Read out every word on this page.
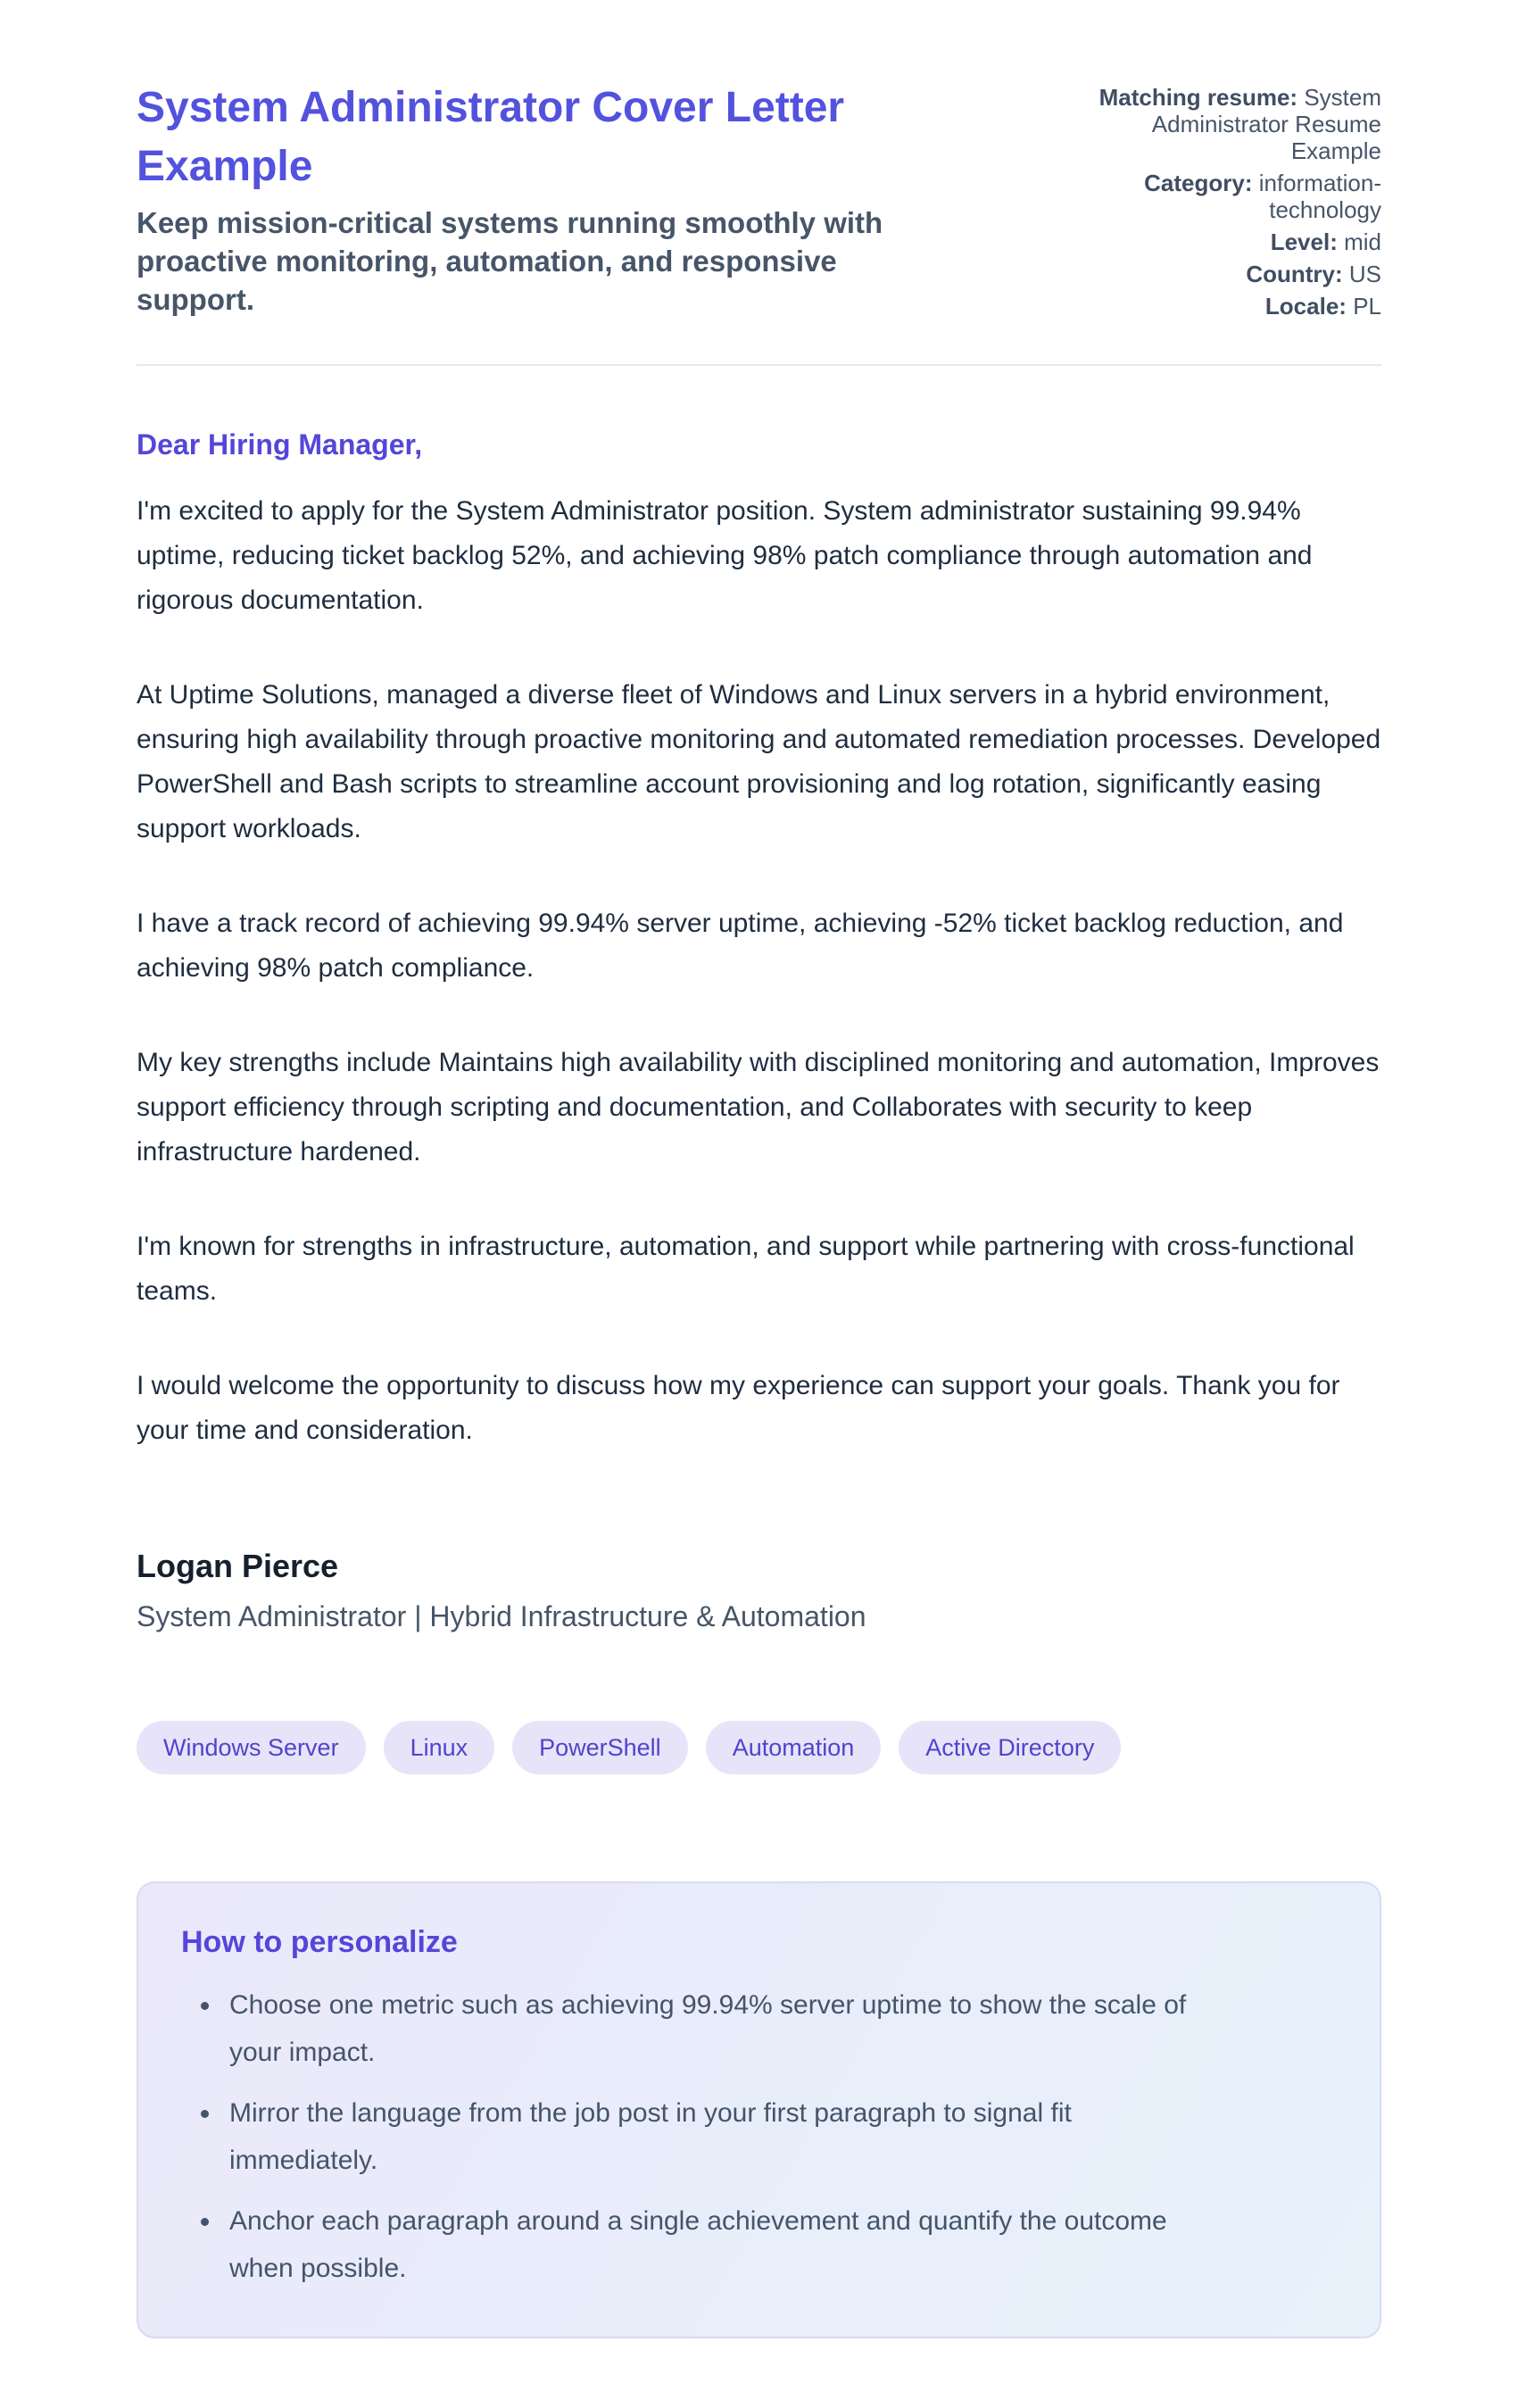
System Administrator Cover Letter Example

Keep mission-critical systems running smoothly with proactive monitoring, automation, and responsive support.

Matching resume: System Administrator Resume Example
Category: information-technology
Level: mid
Country: US
Locale: PL

Dear Hiring Manager,

I'm excited to apply for the System Administrator position. System administrator sustaining 99.94% uptime, reducing ticket backlog 52%, and achieving 98% patch compliance through automation and rigorous documentation.

At Uptime Solutions, managed a diverse fleet of Windows and Linux servers in a hybrid environment, ensuring high availability through proactive monitoring and automated remediation processes. Developed PowerShell and Bash scripts to streamline account provisioning and log rotation, significantly easing support workloads.

I have a track record of achieving 99.94% server uptime, achieving -52% ticket backlog reduction, and achieving 98% patch compliance.

My key strengths include Maintains high availability with disciplined monitoring and automation, Improves support efficiency through scripting and documentation, and Collaborates with security to keep infrastructure hardened.

I'm known for strengths in infrastructure, automation, and support while partnering with cross-functional teams.

I would welcome the opportunity to discuss how my experience can support your goals. Thank you for your time and consideration.

Logan Pierce
System Administrator | Hybrid Infrastructure & Automation
Windows Server	Linux	PowerShell	Automation	Active Directory
How to personalize
• Choose one metric such as achieving 99.94% server uptime to show the scale of your impact.
• Mirror the language from the job post in your first paragraph to signal fit immediately.
• Anchor each paragraph around a single achievement and quantify the outcome when possible.
